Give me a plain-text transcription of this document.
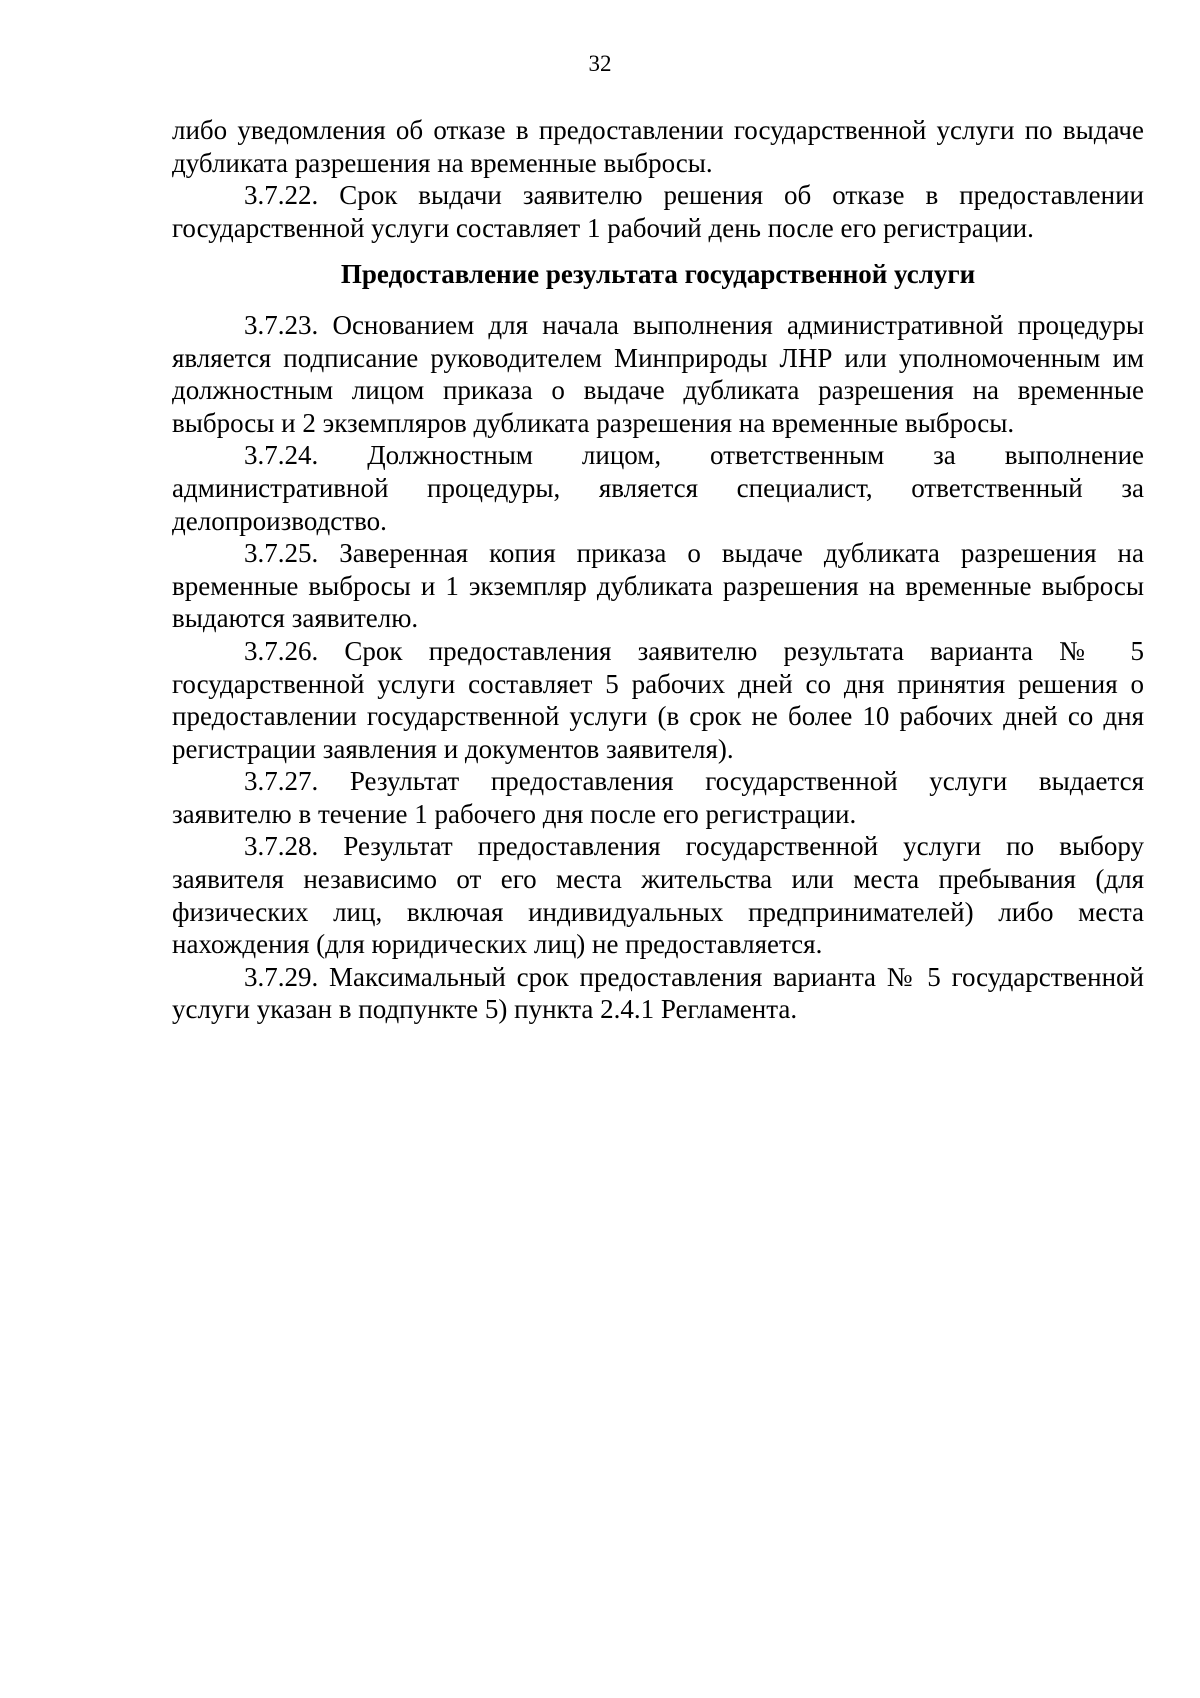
32

либо уведомления об отказе в предоставлении государственной услуги по выдаче дубликата разрешения на временные выбросы.

3.7.22. Срок выдачи заявителю решения об отказе в предоставлении государственной услуги составляет 1 рабочий день после его регистрации.

Предоставление результата государственной услуги

3.7.23. Основанием для начала выполнения административной процедуры является подписание руководителем Минприроды ЛНР или уполномоченным им должностным лицом приказа о выдаче дубликата разрешения на временные выбросы и 2 экземпляров дубликата разрешения на временные выбросы.

3.7.24. Должностным лицом, ответственным за выполнение административной процедуры, является специалист, ответственный за делопроизводство.

3.7.25. Заверенная копия приказа о выдаче дубликата разрешения на временные выбросы и 1 экземпляр дубликата разрешения на временные выбросы выдаются заявителю.

3.7.26. Срок предоставления заявителю результата варианта № 5 государственной услуги составляет 5 рабочих дней со дня принятия решения о предоставлении государственной услуги (в срок не более 10 рабочих дней со дня регистрации заявления и документов заявителя).

3.7.27. Результат предоставления государственной услуги выдается заявителю в течение 1 рабочего дня после его регистрации.

3.7.28. Результат предоставления государственной услуги по выбору заявителя независимо от его места жительства или места пребывания (для физических лиц, включая индивидуальных предпринимателей) либо места нахождения (для юридических лиц) не предоставляется.

3.7.29. Максимальный срок предоставления варианта № 5 государственной услуги указан в подпункте 5) пункта 2.4.1 Регламента.
